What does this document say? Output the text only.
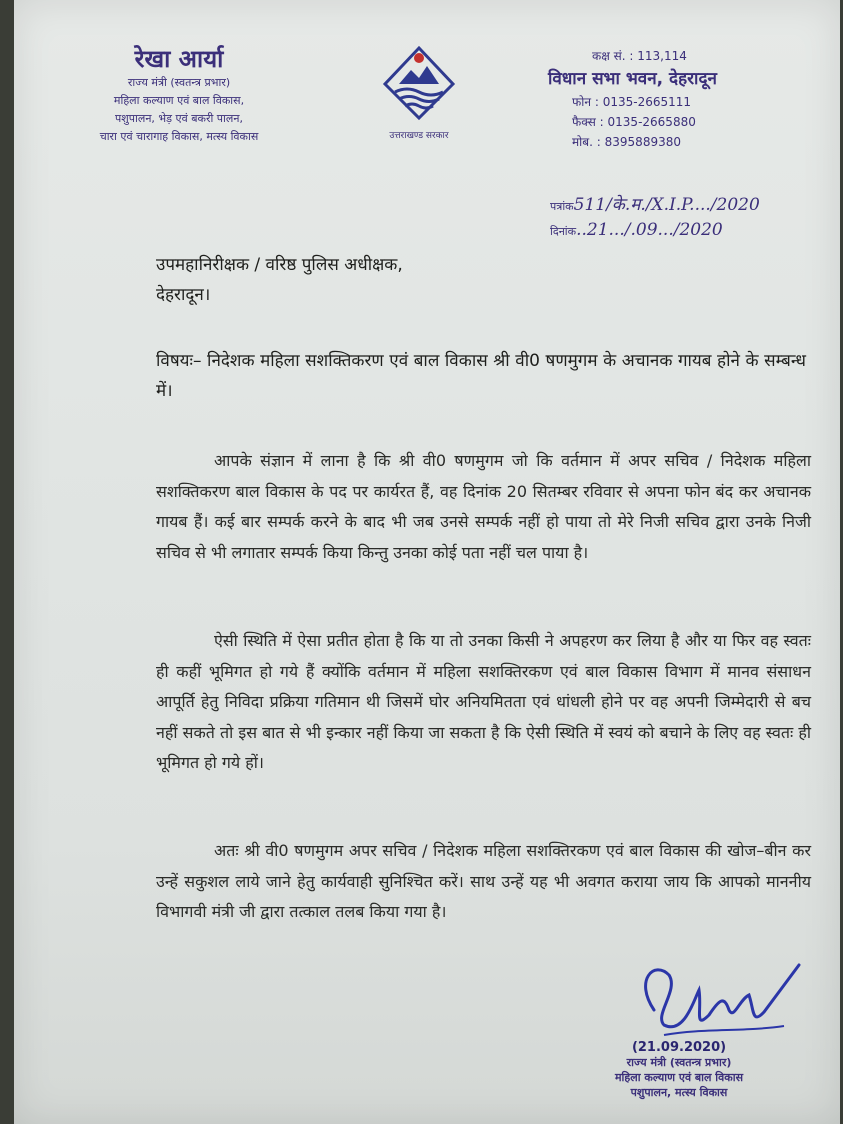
रेखा आर्या
राज्य मंत्री (स्वतन्त्र प्रभार)
महिला कल्याण एवं बाल विकास,
पशुपालन, भेड़ एवं बकरी पालन,
चारा एवं चारागाह विकास, मत्स्य विकास	उत्तराखण्ड सरकार
कक्ष सं. : 113,114
विधान सभा भवन, देहरादून
फोन : 0135-2665111
फैक्स : 0135-2665880
मोब. : 8395889380
पत्रांक511/के.म./X.I.P..../2020
दिनांक..21.../.09.../2020
उपमहानिरीक्षक / वरिष्ठ पुलिस अधीक्षक,
देहरादून।
विषयः– निदेशक महिला सशक्तिकरण एवं बाल विकास श्री वी0 षणमुगम के अचानक गायब होने के सम्बन्ध में।
आपके संज्ञान में लाना है कि श्री वी0 षणमुगम जो कि वर्तमान में अपर सचिव / निदेशक महिला सशक्तिकरण बाल विकास के पद पर कार्यरत हैं, वह दिनांक 20 सितम्बर रविवार से अपना फोन बंद कर अचानक गायब हैं। कई बार सम्पर्क करने के बाद भी जब उनसे सम्पर्क नहीं हो पाया तो मेरे निजी सचिव द्वारा उनके निजी सचिव से भी लगातार सम्पर्क किया किन्तु उनका कोई पता नहीं चल पाया है।
ऐसी स्थिति में ऐसा प्रतीत होता है कि या तो उनका किसी ने अपहरण कर लिया है और या फिर वह स्वतः ही कहीं भूमिगत हो गये हैं क्योंकि वर्तमान में महिला सशक्तिरकण एवं बाल विकास विभाग में मानव संसाधन आपूर्ति हेतु निविदा प्रक्रिया गतिमान थी जिसमें घोर अनियमितता एवं धांधली होने पर वह अपनी जिम्मेदारी से बच नहीं सकते तो इस बात से भी इन्कार नहीं किया जा सकता है कि ऐसी स्थिति में स्वयं को बचाने के लिए वह स्वतः ही भूमिगत हो गये हों।
अतः श्री वी0 षणमुगम अपर सचिव / निदेशक महिला सशक्तिरकण एवं बाल विकास की खोज–बीन कर उन्हें सकुशल लाये जाने हेतु कार्यवाही सुनिश्चित करें। साथ उन्हें यह भी अवगत कराया जाय कि आपको माननीय विभागवी मंत्री जी द्वारा तत्काल तलब किया गया है।
(21.09.2020)
राज्य मंत्री (स्वतन्त्र प्रभार)
महिला कल्याण एवं बाल विकास
पशुपालन, मत्स्य विकास
